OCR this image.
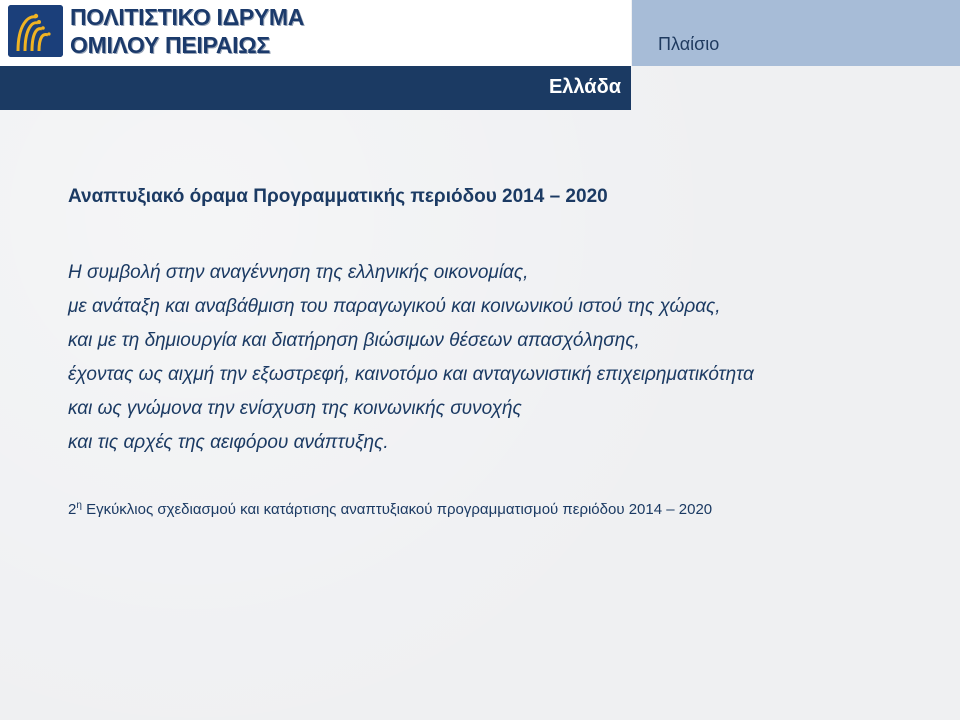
ΠΟΛΙΤΙΣΤΙΚΟ ΙΔΡΥΜΑ
ΟΜΙΛΟΥ ΠΕΙΡΑΙΩΣ	Πλαίσιο
Ελλάδα
Αναπτυξιακό όραμα Προγραμματικής περιόδου 2014 – 2020
Η συμβολή στην αναγέννηση της ελληνικής οικονομίας,
με ανάταξη και αναβάθμιση του παραγωγικού και κοινωνικού ιστού της χώρας,
και με τη δημιουργία και διατήρηση βιώσιμων θέσεων απασχόλησης,
έχοντας ως αιχμή την εξωστρεφή, καινοτόμο και ανταγωνιστική επιχειρηματικότητα
και ως γνώμονα την ενίσχυση της κοινωνικής συνοχής
και τις αρχές της αειφόρου ανάπτυξης.
$2^\eta$ Εγκύκλιος σχεδιασμού και κατάρτισης αναπτυξιακού προγραμματισμού περιόδου 2014 – 2020
